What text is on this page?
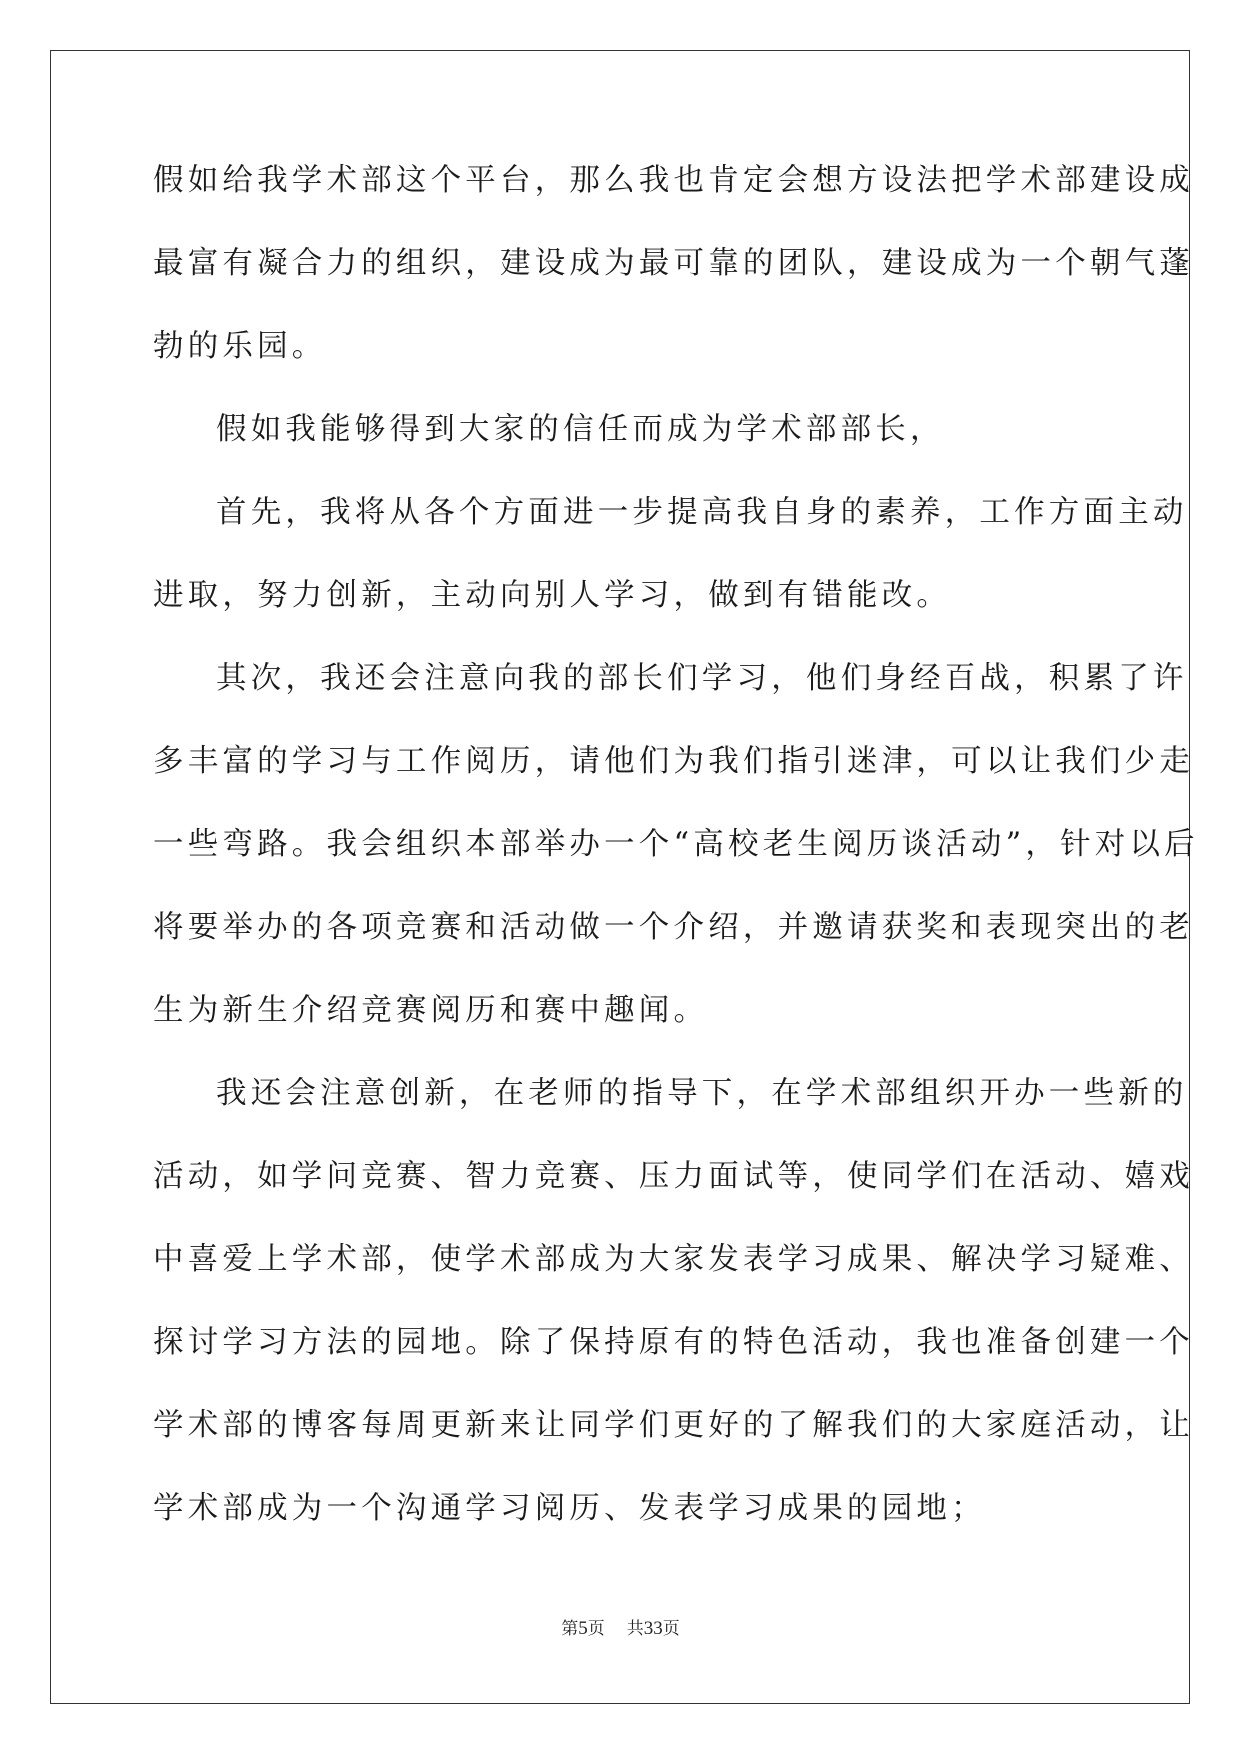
假如给我学术部这个平台，那么我也肯定会想方设法把学术部建设成
最富有凝合力的组织，建设成为最可靠的团队，建设成为一个朝气蓬
勃的乐园。
假如我能够得到大家的信任而成为学术部部长，
首先，我将从各个方面进一步提高我自身的素养，工作方面主动
进取，努力创新，主动向别人学习，做到有错能改。
其次，我还会注意向我的部长们学习，他们身经百战，积累了许
多丰富的学习与工作阅历，请他们为我们指引迷津，可以让我们少走
一些弯路。我会组织本部举办一个“高校老生阅历谈活动”，针对以后
将要举办的各项竞赛和活动做一个介绍，并邀请获奖和表现突出的老
生为新生介绍竞赛阅历和赛中趣闻。
我还会注意创新，在老师的指导下，在学术部组织开办一些新的
活动，如学问竞赛、智力竞赛、压力面试等，使同学们在活动、嬉戏
中喜爱上学术部，使学术部成为大家发表学习成果、解决学习疑难、
探讨学习方法的园地。除了保持原有的特色活动，我也准备创建一个
学术部的博客每周更新来让同学们更好的了解我们的大家庭活动，让
学术部成为一个沟通学习阅历、发表学习成果的园地；
第5页 共33页
